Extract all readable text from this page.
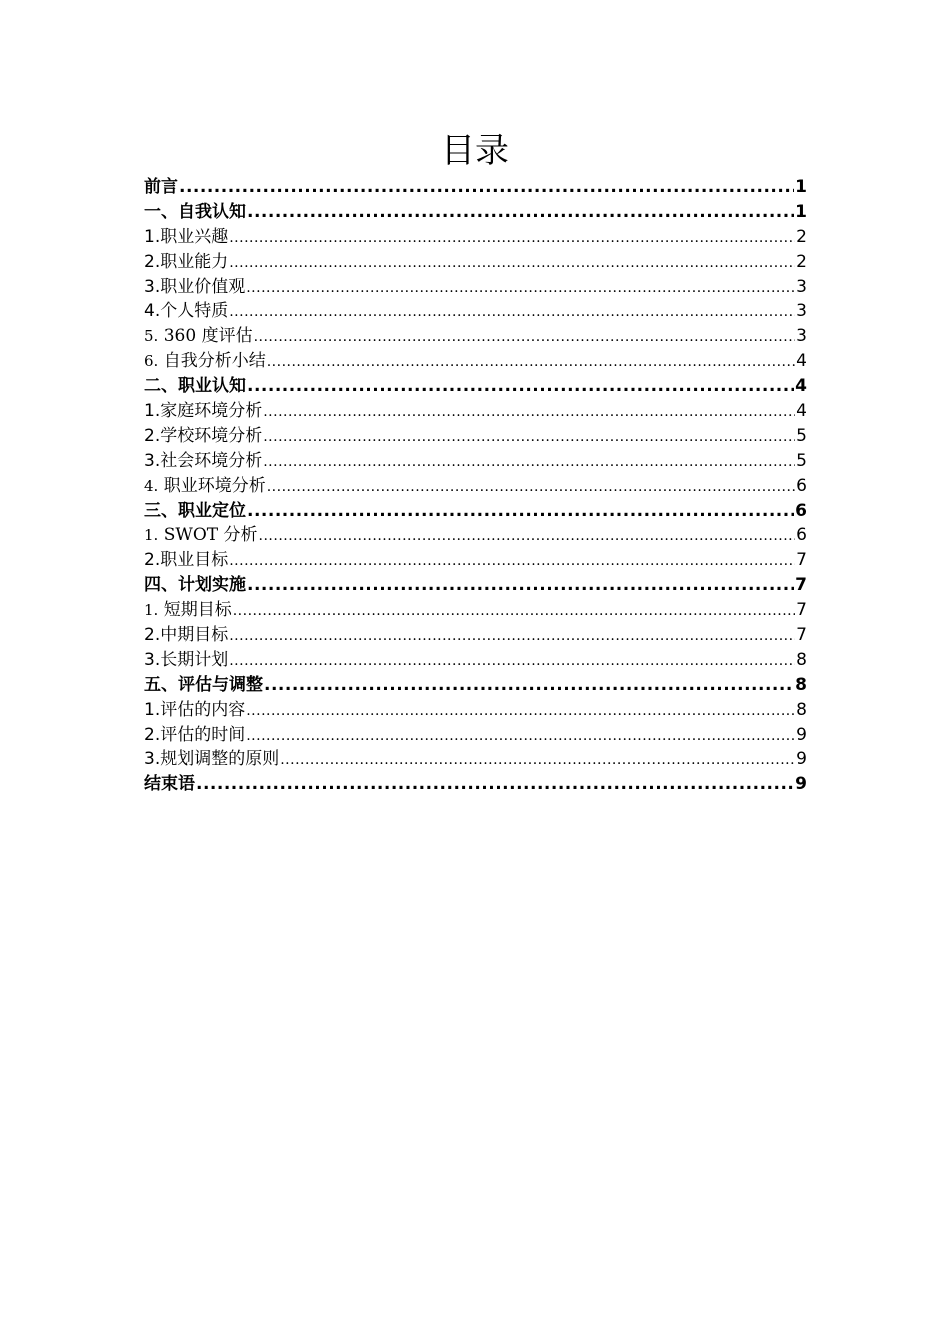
目录
前言 .....	1
一、自我认知 .....	1
1.职业兴趣 .....	2
2.职业能力 .....	2
3.职业价值观 .....	3
4.个人特质 .....	3
5. 360 度评估 .....	3
6. 自我分析小结 .....	4
二、职业认知 .....	4
1.家庭环境分析 .....	4
2.学校环境分析 .....	5
3.社会环境分析 .....	5
4. 职业环境分析 .....	6
三、职业定位 .....	6
1. SWOT 分析 .....	6
2.职业目标 .....	7
四、计划实施 .....	7
1. 短期目标 .....	7
2.中期目标 .....	7
3.长期计划 .....	8
五、评估与调整 .....	8
1.评估的内容 .....	8
2.评估的时间 .....	9
3.规划调整的原则 .....	9
结束语 .....	9
